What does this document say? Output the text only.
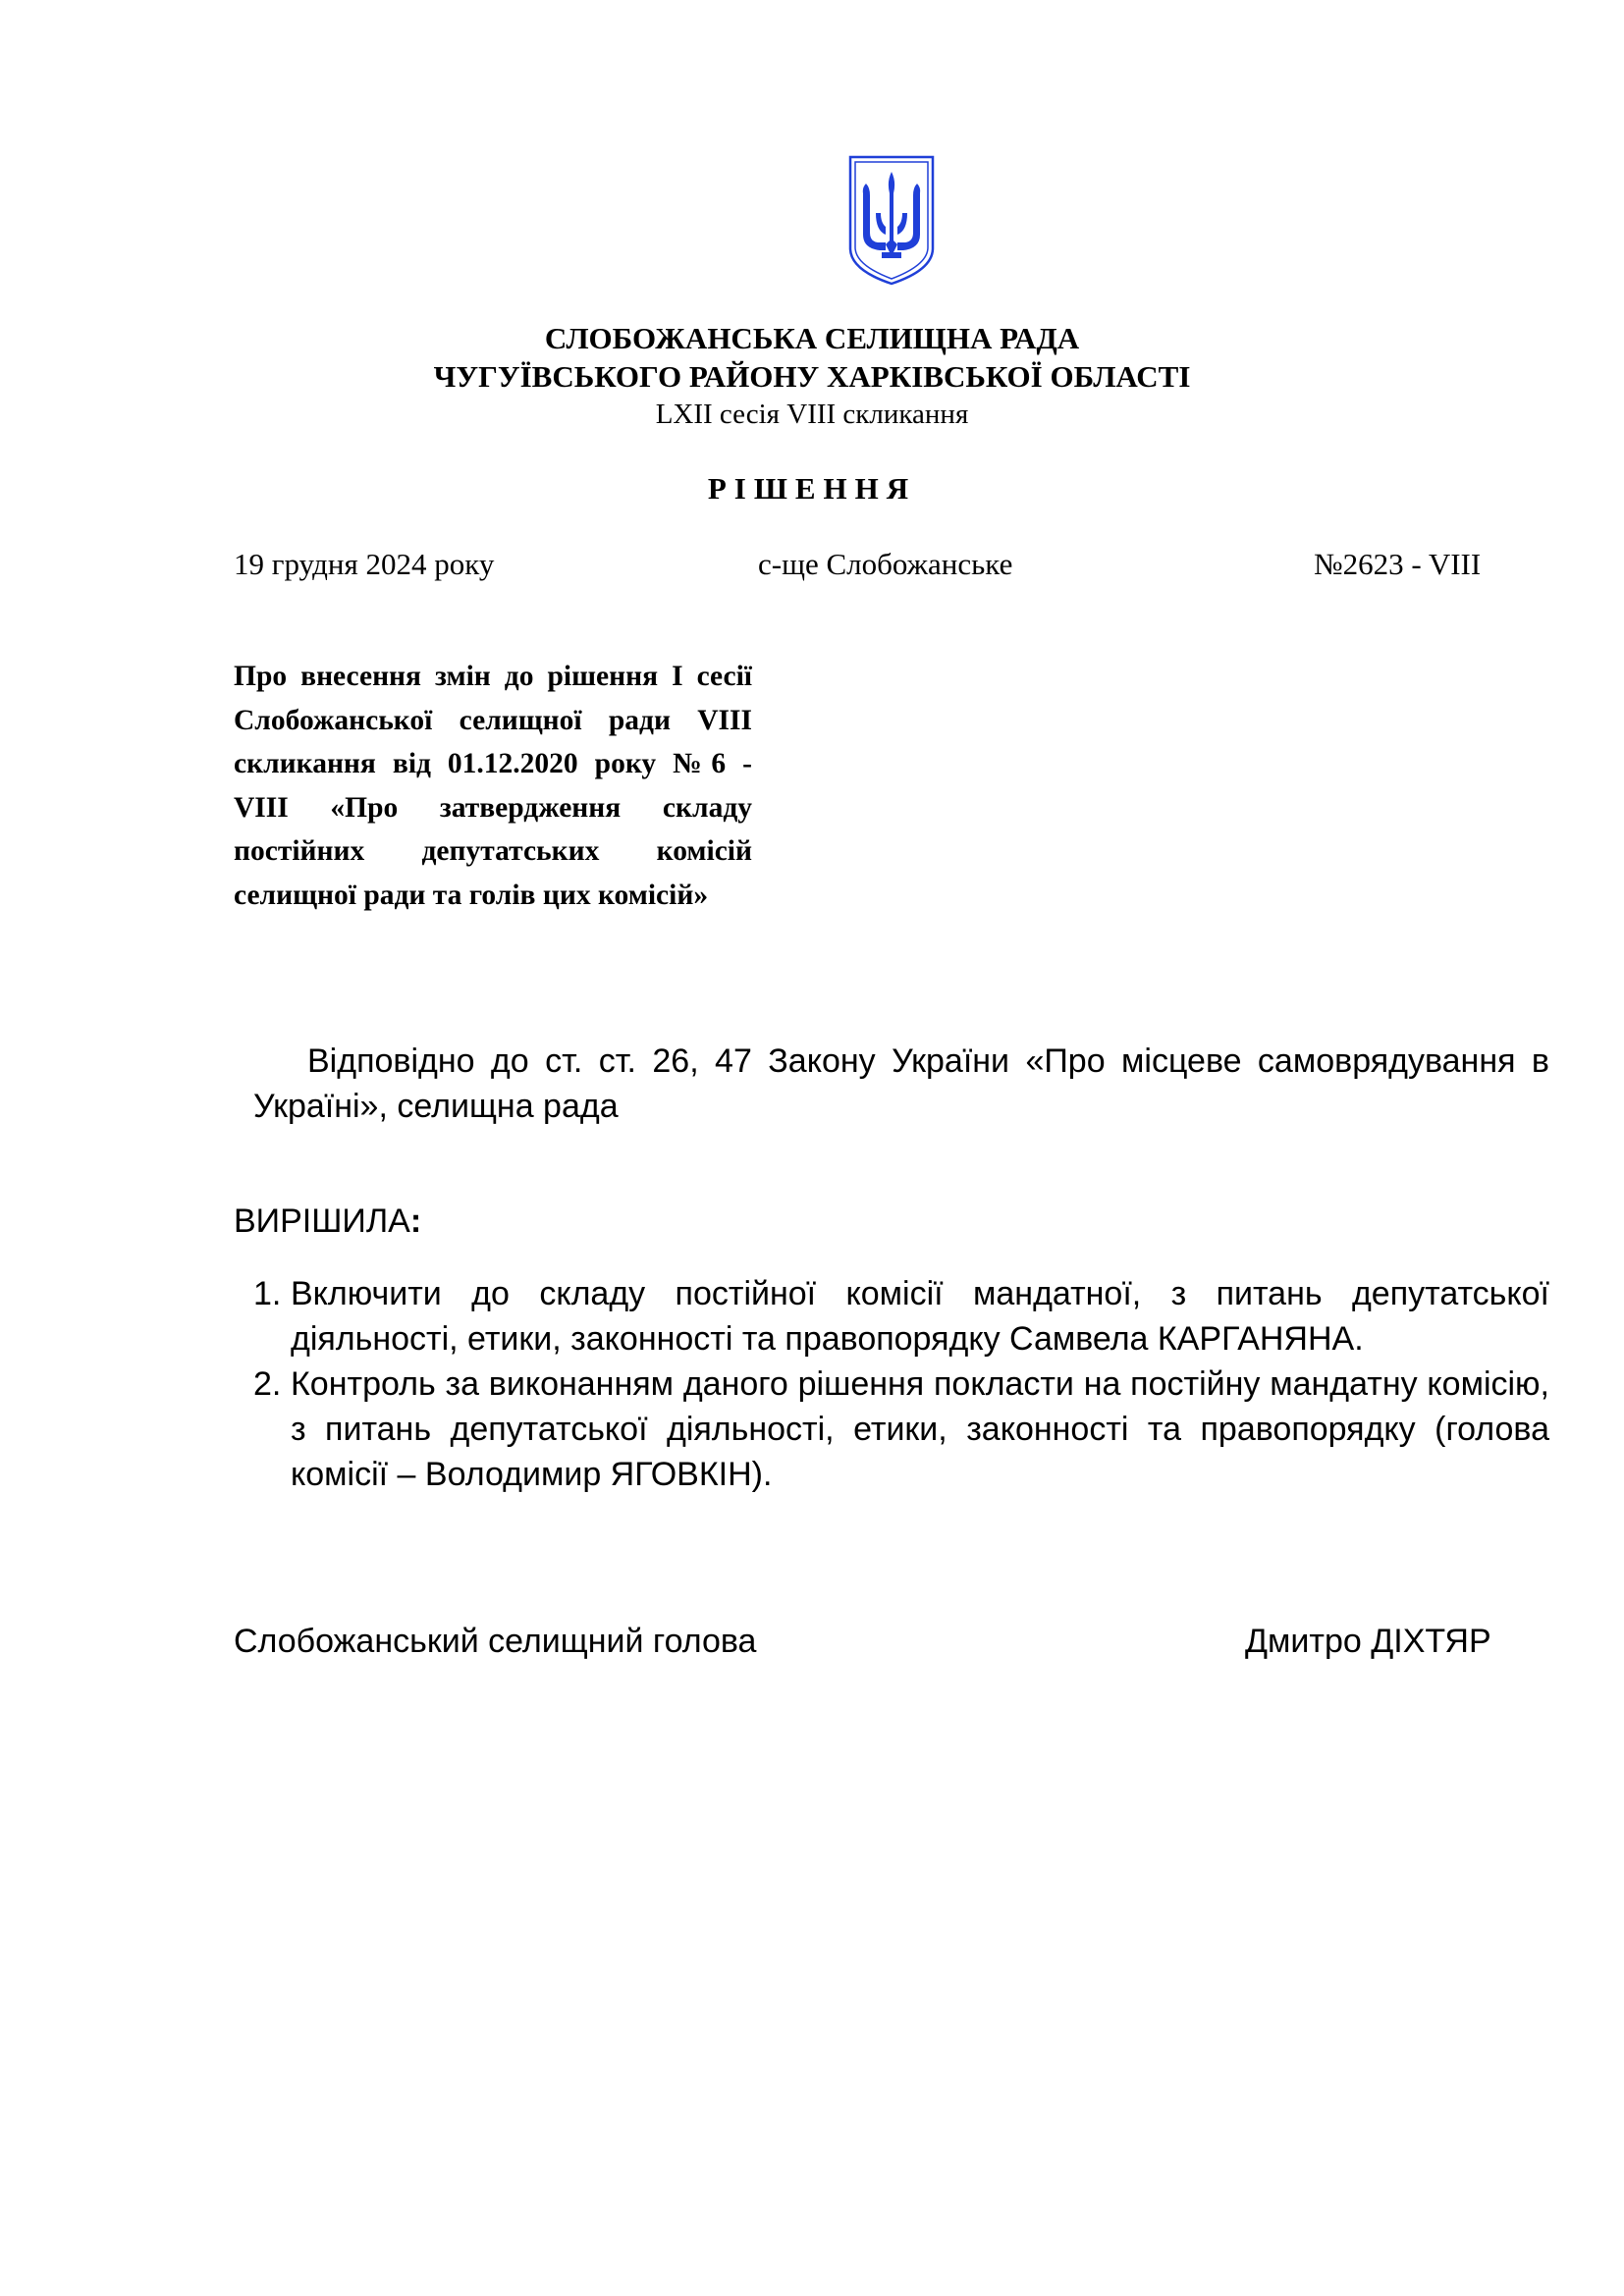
СЛОБОЖАНСЬКА СЕЛИЩНА РАДА
ЧУГУЇВСЬКОГО РАЙОНУ ХАРКІВСЬКОЇ ОБЛАСТІ
LXII сесія VIII скликання
РІШЕННЯ
19 грудня 2024 року	с-ще Слобожанське	№2623 - VIII
Про внесення змін до рішення І сесії Слобожанської селищної ради VІІІ скликання від 01.12.2020 року №6 - VІІІ «Про затвердження складу постійних депутатських комісій селищної ради та голів цих комісій»
Відповідно до ст. ст. 26, 47 Закону України «Про місцеве самоврядування в Україні», селищна рада
ВИРІШИЛА:
1. Включити до складу постійної комісії мандатної, з питань депутатської діяльності, етики, законності та правопорядку Самвела КАРГАНЯНА.
2. Контроль за виконанням даного рішення покласти на постійну мандатну комісію, з питань депутатської діяльності, етики, законності та правопорядку (голова комісії – Володимир ЯГОВКІН).
Слобожанський селищний голова	Дмитро ДІХТЯР
